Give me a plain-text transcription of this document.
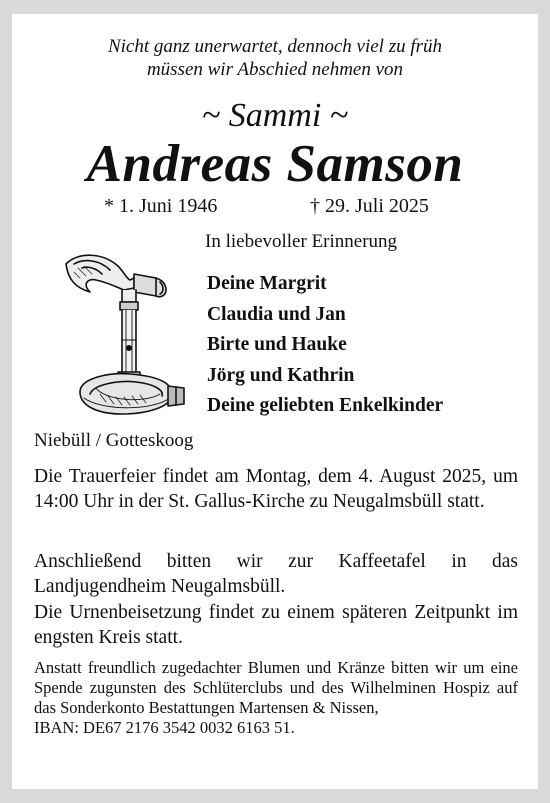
Nicht ganz unerwartet, dennoch viel zu früh
müssen wir Abschied nehmen von
~ Sammi ~
Andreas Samson
* 1. Juni 1946	† 29. Juli 2025
In liebevoller Erinnerung
Deine Margrit
Claudia und Jan
Birte und Hauke
Jörg und Kathrin
Deine geliebten Enkelkinder
Niebüll / Gotteskoog
Die Trauerfeier findet am Montag, dem 4. August 2025, um 14:00 Uhr in der St. Gallus-Kirche zu Neugalmsbüll statt.
Anschließend bitten wir zur Kaffeetafel in das Landjugendheim Neugalmsbüll.
Die Urnenbeisetzung findet zu einem späteren Zeitpunkt im engsten Kreis statt.
Anstatt freundlich zugedachter Blumen und Kränze bitten wir um eine Spende zugunsten des Schlüterclubs und des Wilhelminen Hospiz auf das Sonderkonto Bestattungen Martensen & Nissen,
IBAN: DE67 2176 3542 0032 6163 51.
